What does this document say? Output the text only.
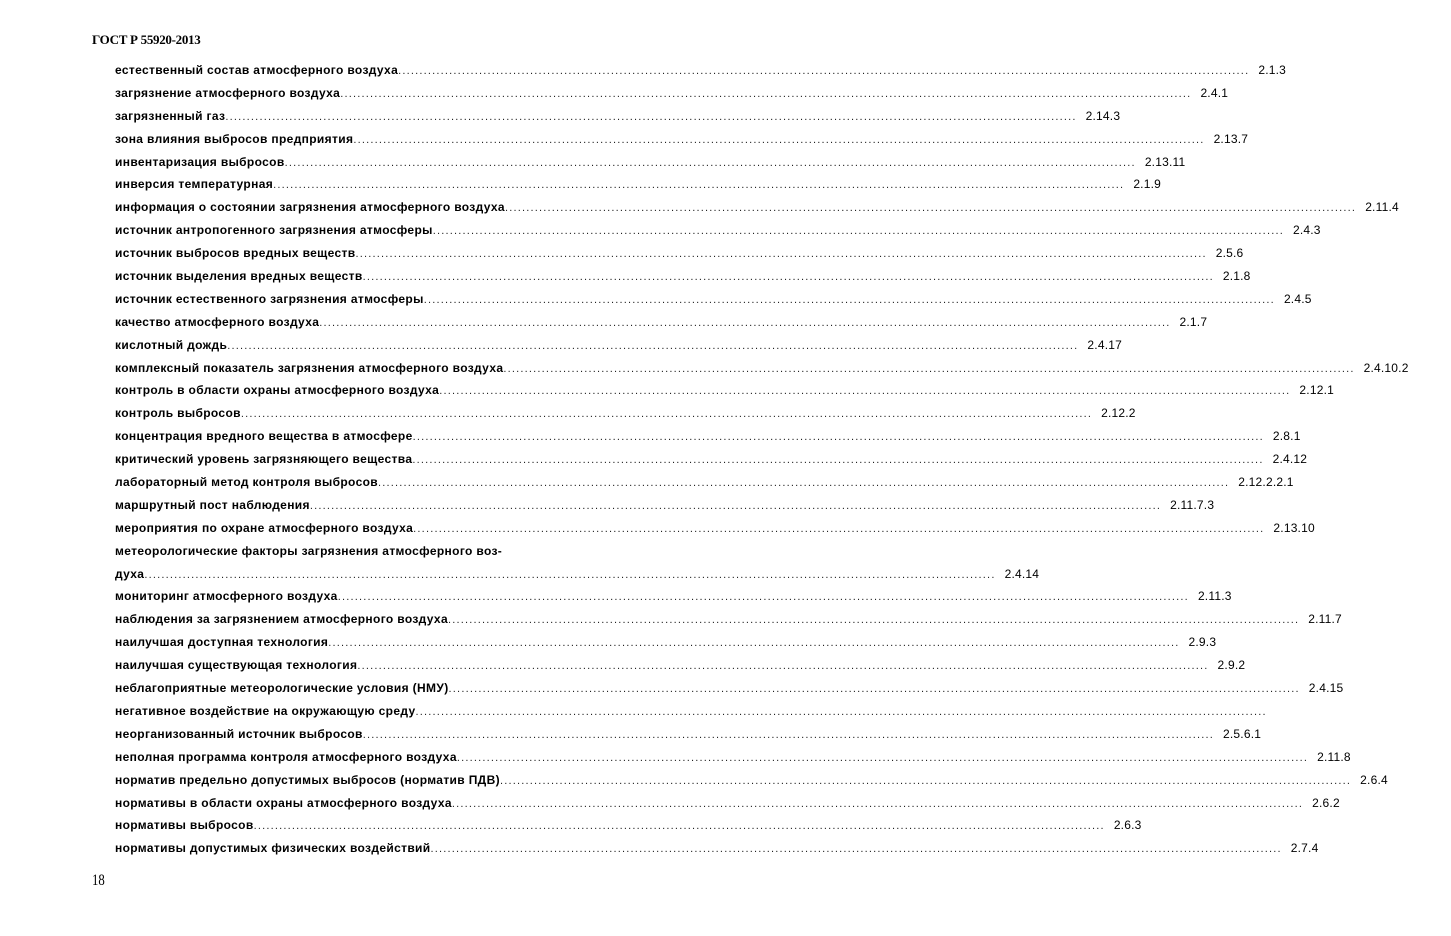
ГОСТ Р 55920-2013
естественный состав атмосферного воздуха ........................................................................................................................................................................................................ 2.1.3
загрязнение атмосферного воздуха ........................................................................................................................................................................................................ 2.4.1
загрязненный газ ........................................................................................................................................................................................................ 2.14.3
зона влияния выбросов предприятия ........................................................................................................................................................................................................ 2.13.7
инвентаризация выбросов ........................................................................................................................................................................................................ 2.13.11
инверсия температурная ........................................................................................................................................................................................................ 2.1.9
информация о состоянии загрязнения атмосферного воздуха ........................................................................................................................................................................................................ 2.11.4
источник антропогенного загрязнения атмосферы ........................................................................................................................................................................................................ 2.4.3
источник выбросов вредных веществ ........................................................................................................................................................................................................ 2.5.6
источник выделения вредных веществ ........................................................................................................................................................................................................ 2.1.8
источник естественного загрязнения атмосферы ........................................................................................................................................................................................................ 2.4.5
качество атмосферного воздуха ........................................................................................................................................................................................................ 2.1.7
кислотный дождь ........................................................................................................................................................................................................ 2.4.17
комплексный показатель загрязнения атмосферного воздуха ........................................................................................................................................................................................................ 2.4.10.2
контроль в области охраны атмосферного воздуха ........................................................................................................................................................................................................ 2.12.1
контроль выбросов ........................................................................................................................................................................................................ 2.12.2
концентрация вредного вещества в атмосфере ........................................................................................................................................................................................................ 2.8.1
критический уровень загрязняющего вещества ........................................................................................................................................................................................................ 2.4.12
лабораторный метод контроля выбросов ........................................................................................................................................................................................................ 2.12.2.2.1
маршрутный пост наблюдения ........................................................................................................................................................................................................ 2.11.7.3
мероприятия по охране атмосферного воздуха ........................................................................................................................................................................................................ 2.13.10
метеорологические факторы загрязнения атмосферного воз-
духа ........................................................................................................................................................................................................ 2.4.14
мониторинг атмосферного воздуха ........................................................................................................................................................................................................ 2.11.3
наблюдения за загрязнением атмосферного воздуха ........................................................................................................................................................................................................ 2.11.7
наилучшая доступная технология ........................................................................................................................................................................................................ 2.9.3
наилучшая существующая технология ........................................................................................................................................................................................................ 2.9.2
неблагоприятные метеорологические условия (НМУ) ........................................................................................................................................................................................................ 2.4.15
негативное воздействие на окружающую среду ........................................................................................................................................................................................................
неорганизованный источник выбросов ........................................................................................................................................................................................................ 2.5.6.1
неполная программа контроля атмосферного воздуха ........................................................................................................................................................................................................ 2.11.8
норматив предельно допустимых выбросов (норматив ПДВ) ........................................................................................................................................................................................................ 2.6.4
нормативы в области охраны атмосферного воздуха ........................................................................................................................................................................................................ 2.6.2
нормативы выбросов ........................................................................................................................................................................................................ 2.6.3
нормативы допустимых физических воздействий ........................................................................................................................................................................................................ 2.7.4
18
